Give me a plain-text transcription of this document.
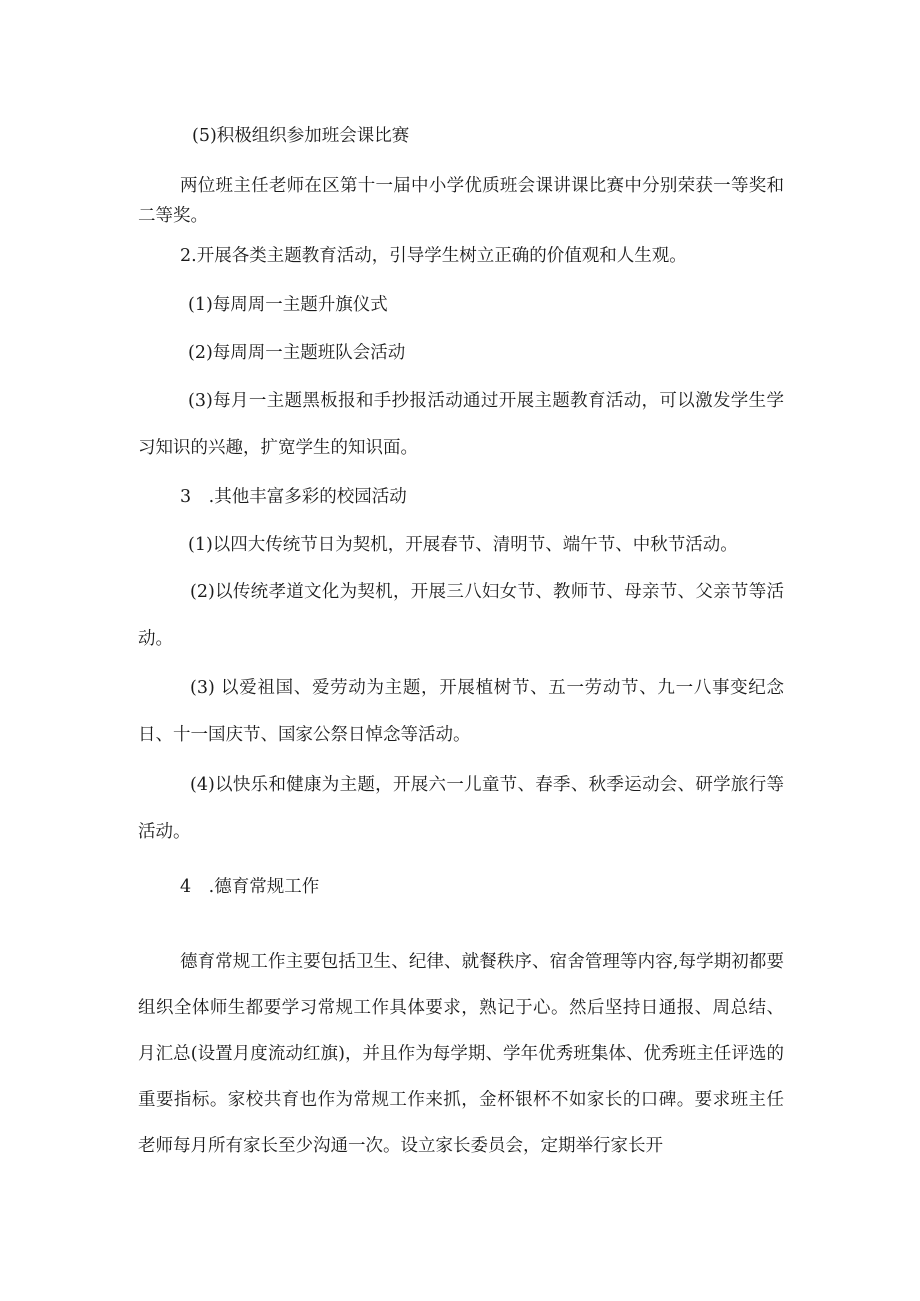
(5)积极组织参加班会课比赛
两位班主任老师在区第十一届中小学优质班会课讲课比赛中分别荣获一等奖和二等奖。
2.开展各类主题教育活动，引导学生树立正确的价值观和人生观。
(1)每周周一主题升旗仪式
(2)每周周一主题班队会活动
(3)每月一主题黑板报和手抄报活动通过开展主题教育活动，可以激发学生学习知识的兴趣，扩宽学生的知识面。
3　.其他丰富多彩的校园活动
(1)以四大传统节日为契机，开展春节、清明节、端午节、中秋节活动。
(2)以传统孝道文化为契机，开展三八妇女节、教师节、母亲节、父亲节等活动。
(3) 以爱祖国、爱劳动为主题，开展植树节、五一劳动节、九一八事变纪念日、十一国庆节、国家公祭日悼念等活动。
(4)以快乐和健康为主题，开展六一儿童节、春季、秋季运动会、研学旅行等活动。
4　.德育常规工作
德育常规工作主要包括卫生、纪律、就餐秩序、宿舍管理等内容,每学期初都要组织全体师生都要学习常规工作具体要求，熟记于心。然后坚持日通报、周总结、月汇总(设置月度流动红旗)，并且作为每学期、学年优秀班集体、优秀班主任评选的重要指标。家校共育也作为常规工作来抓，金杯银杯不如家长的口碑。要求班主任老师每月所有家长至少沟通一次。设立家长委员会，定期举行家长开
